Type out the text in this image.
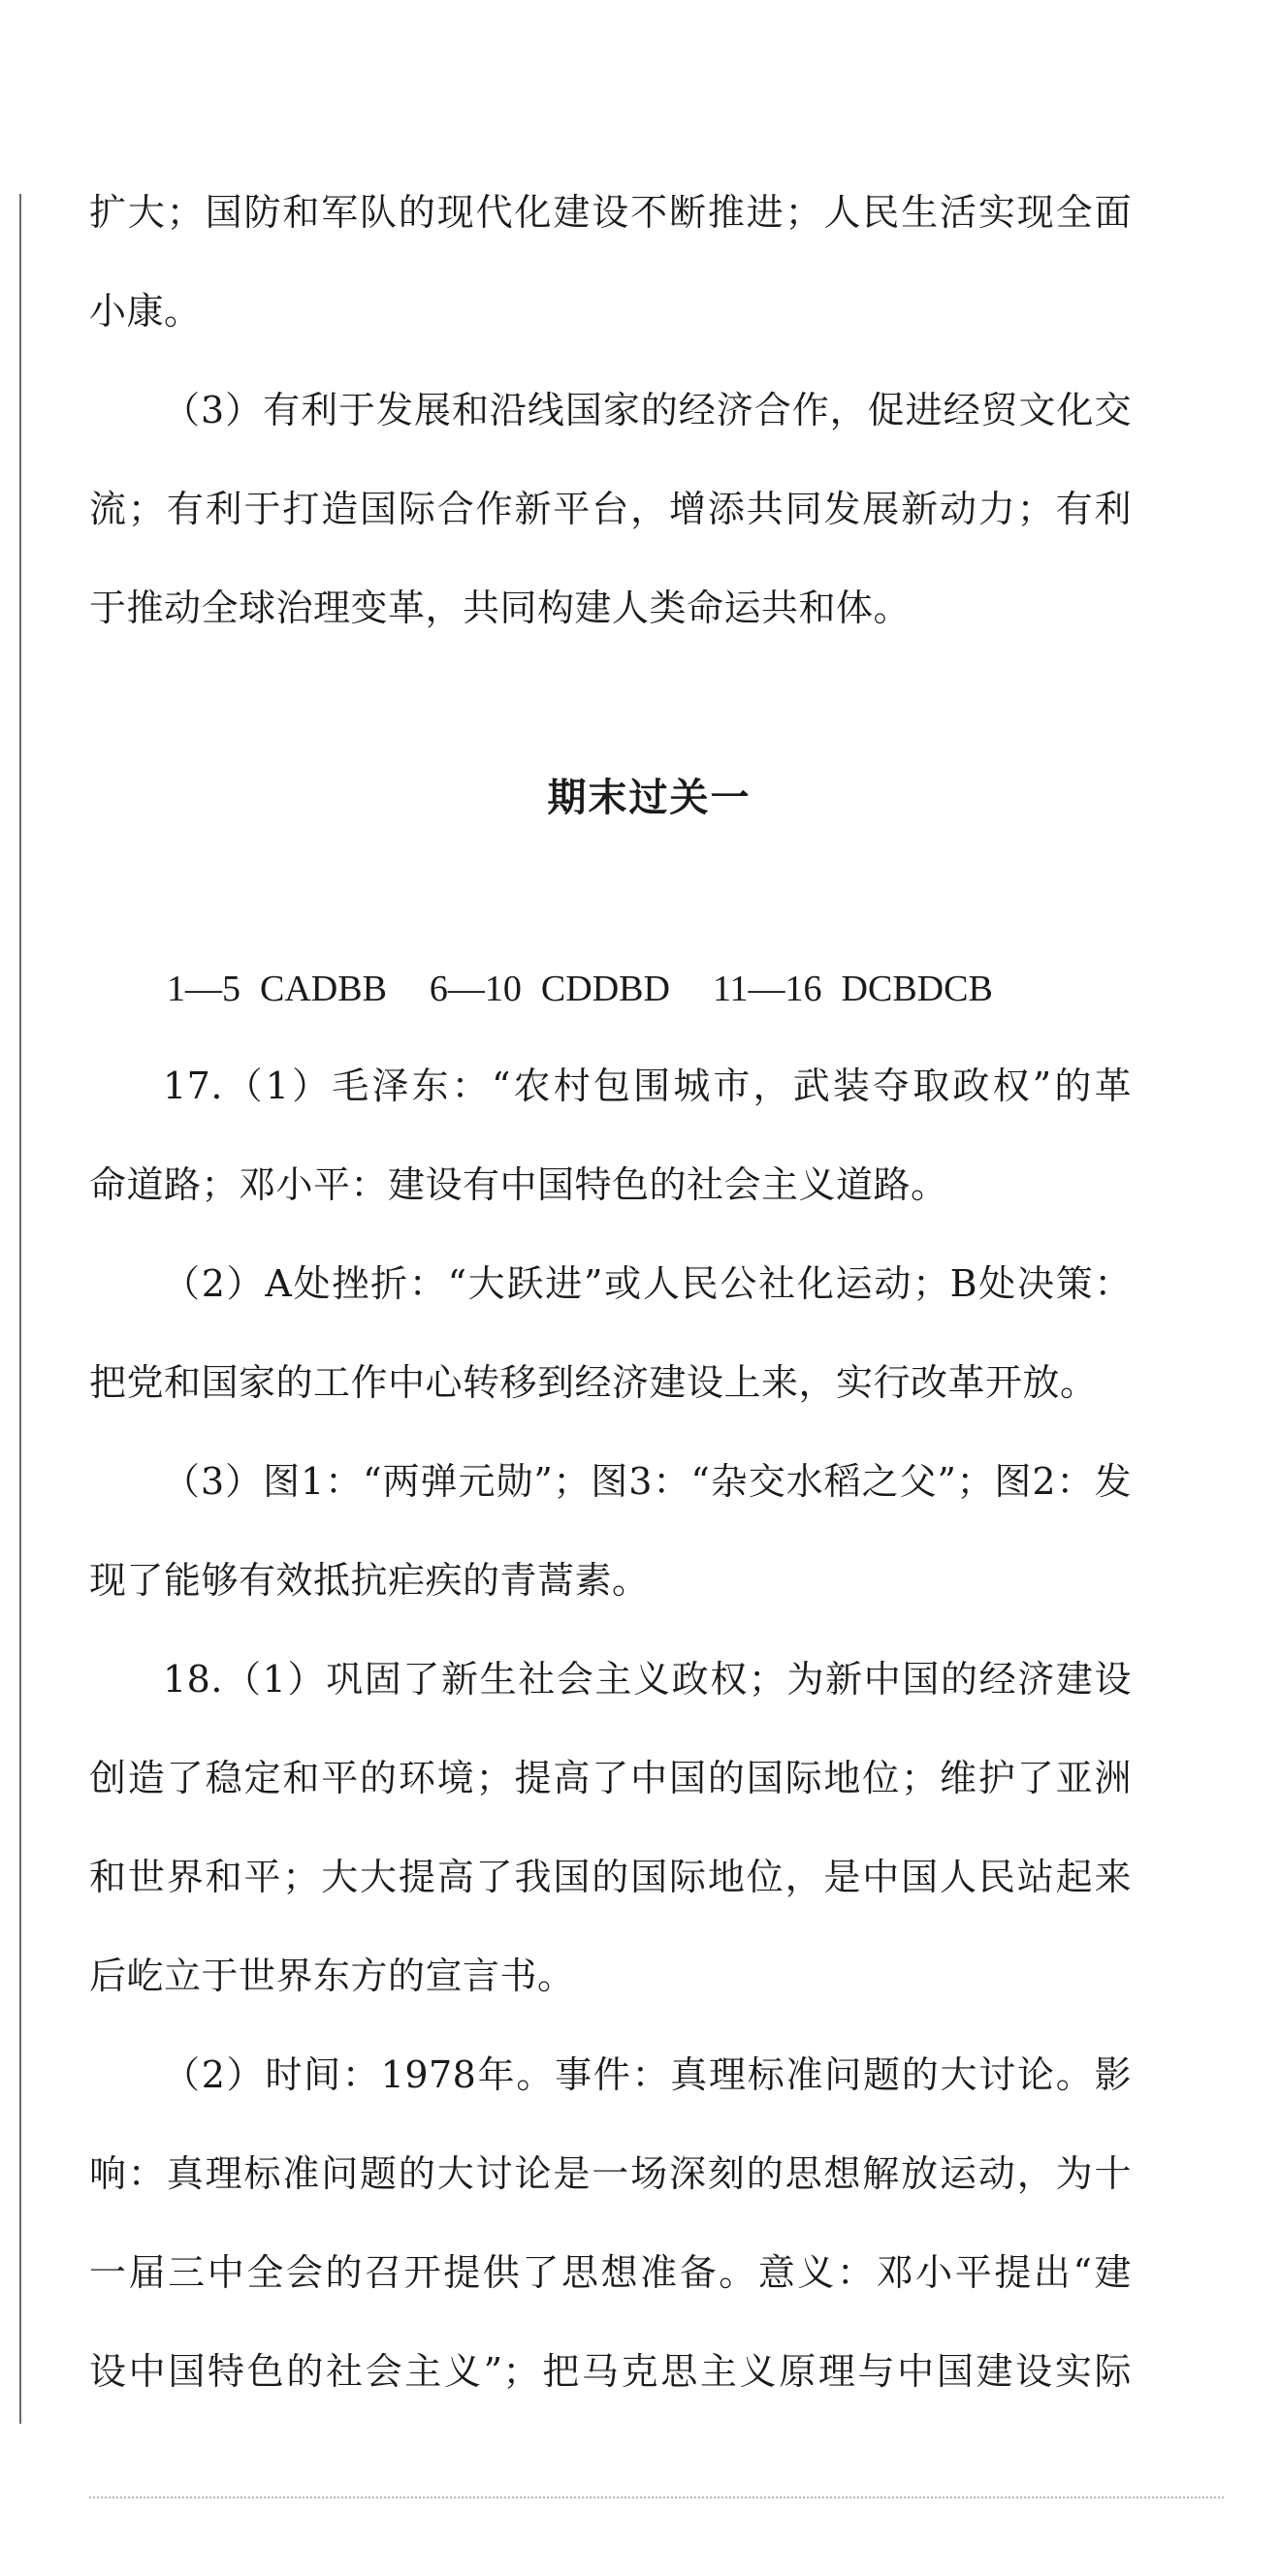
扩大；国防和军队的现代化建设不断推进；人民生活实现全面
小康。
（3）有利于发展和沿线国家的经济合作，促进经贸文化交
流；有利于打造国际合作新平台，增添共同发展新动力；有利
于推动全球治理变革，共同构建人类命运共和体。
期末过关一
1—5 CADBB 6—10 CDDBD 11—16 DCBDCB
17.（1）毛泽东：“农村包围城市，武装夺取政权”的革
命道路；邓小平：建设有中国特色的社会主义道路。
（2）A处挫折：“大跃进”或人民公社化运动；B处决策：
把党和国家的工作中心转移到经济建设上来，实行改革开放。
（3）图1：“两弹元勋”；图3：“杂交水稻之父”；图2：发
现了能够有效抵抗疟疾的青蒿素。
18.（1）巩固了新生社会主义政权；为新中国的经济建设
创造了稳定和平的环境；提高了中国的国际地位；维护了亚洲
和世界和平；大大提高了我国的国际地位，是中国人民站起来
后屹立于世界东方的宣言书。
（2）时间：1978年。事件：真理标准问题的大讨论。影
响：真理标准问题的大讨论是一场深刻的思想解放运动，为十
一届三中全会的召开提供了思想准备。意义：邓小平提出“建
设中国特色的社会主义”；把马克思主义原理与中国建设实际
